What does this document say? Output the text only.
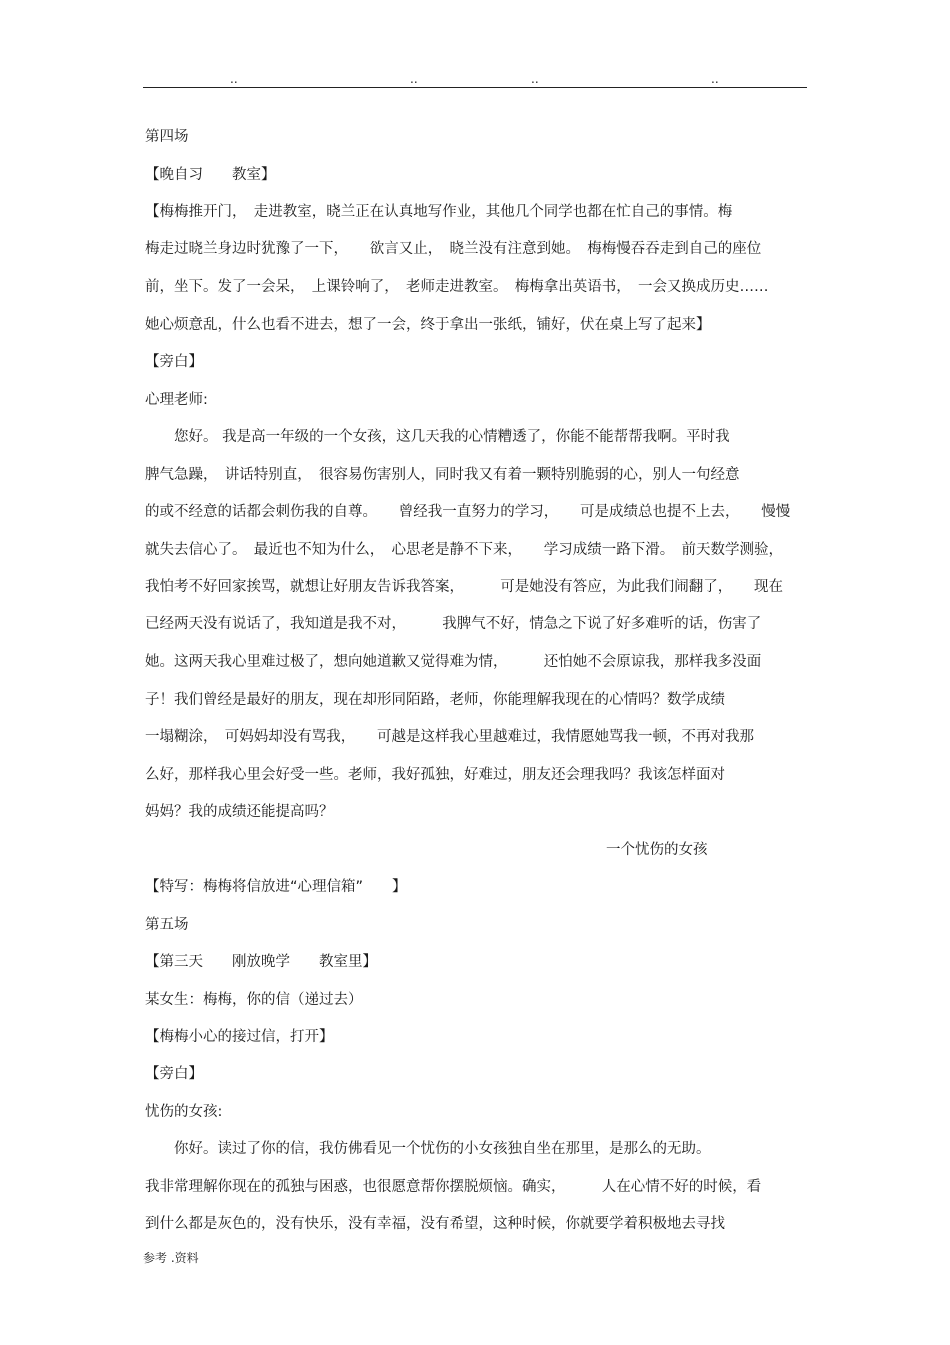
..	..	..	..
第四场
【晚自习　　教室】
【梅梅推开门，　走进教室，晓兰正在认真地写作业，其他几个同学也都在忙自己的事情。梅
梅走过晓兰身边时犹豫了一下，　　欲言又止，　晓兰没有注意到她。　梅梅慢吞吞走到自己的座位
前，坐下。发了一会呆，　上课铃响了，　老师走进教室。　梅梅拿出英语书，　一会又换成历史……
她心烦意乱，什么也看不进去，想了一会，终于拿出一张纸，铺好，伏在桌上写了起来】
【旁白】
心理老师:
　　您好。 我是高一年级的一个女孩，这几天我的心情糟透了，你能不能帮帮我啊。平时我
脾气急躁，　讲话特别直，　很容易伤害别人，同时我又有着一颗特别脆弱的心，别人一句经意
的或不经意的话都会刺伤我的自尊。　　曾经我一直努力的学习，　　可是成绩总也提不上去，　　慢慢
就失去信心了。　最近也不知为什么，　心思老是静不下来，　　学习成绩一路下滑。　前天数学测验，
我怕考不好回家挨骂，就想让好朋友告诉我答案，　　　可是她没有答应，为此我们闹翻了，　　现在
已经两天没有说话了，我知道是我不对，　　　我脾气不好，情急之下说了好多难听的话，伤害了
她。这两天我心里难过极了，想向她道歉又觉得难为情，　　　还怕她不会原谅我，那样我多没面
子！我们曾经是最好的朋友，现在却形同陌路，老师，你能理解我现在的心情吗？数学成绩
一塌糊涂，　可妈妈却没有骂我，　　可越是这样我心里越难过，我情愿她骂我一顿，不再对我那
么好，那样我心里会好受一些。老师，我好孤独，好难过，朋友还会理我吗？我该怎样面对
妈妈？我的成绩还能提高吗？
一个忧伤的女孩
【特写：梅梅将信放进“心理信箱”　　】
第五场
【第三天　　刚放晚学　　教室里】
某女生：梅梅，你的信（递过去）
【梅梅小心的接过信，打开】
【旁白】
忧伤的女孩:
　　你好。读过了你的信，我仿佛看见一个忧伤的小女孩独自坐在那里，是那么的无助。
我非常理解你现在的孤独与困惑，也很愿意帮你摆脱烦恼。确实，　　　人在心情不好的时候，看
到什么都是灰色的，没有快乐，没有幸福，没有希望，这种时候，你就要学着积极地去寻找
参考 .资料
